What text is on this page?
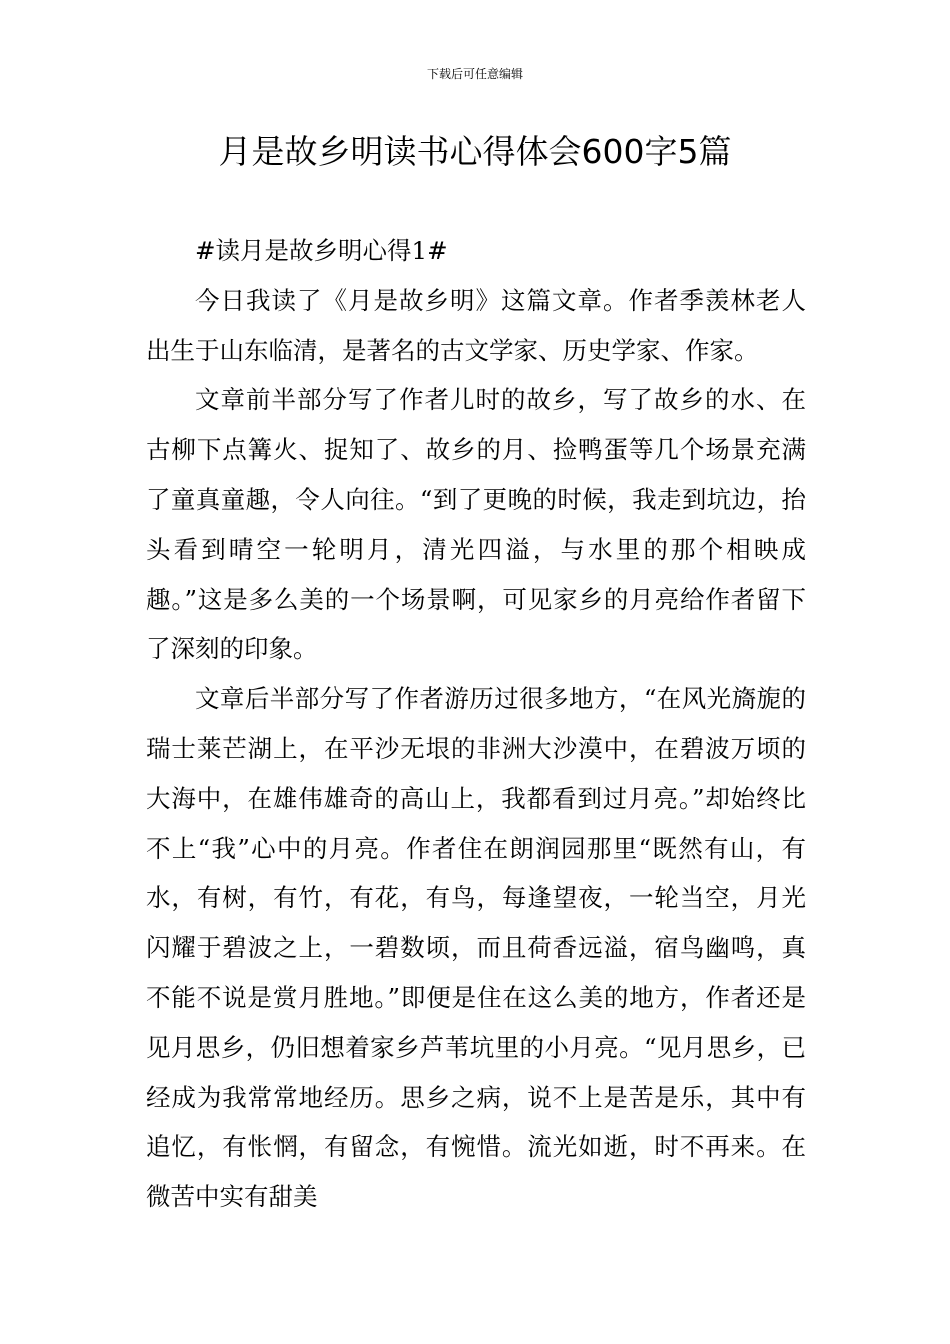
下载后可任意编辑
月是故乡明读书心得体会600字5篇

#读月是故乡明心得1#

今日我读了《月是故乡明》这篇文章。作者季羡林老人出生于山东临清，是著名的古文学家、历史学家、作家。

文章前半部分写了作者儿时的故乡，写了故乡的水、在古柳下点篝火、捉知了、故乡的月、捡鸭蛋等几个场景充满了童真童趣，令人向往。“到了更晚的时候，我走到坑边，抬头看到晴空一轮明月，清光四溢，与水里的那个相映成趣。”这是多么美的一个场景啊，可见家乡的月亮给作者留下了深刻的印象。

文章后半部分写了作者游历过很多地方，“在风光旖旎的瑞士莱芒湖上，在平沙无垠的非洲大沙漠中，在碧波万顷的大海中，在雄伟雄奇的高山上，我都看到过月亮。”却始终比不上“我”心中的月亮。作者住在朗润园那里“既然有山，有水，有树，有竹，有花，有鸟，每逢望夜，一轮当空，月光闪耀于碧波之上，一碧数顷，而且荷香远溢，宿鸟幽鸣，真不能不说是赏月胜地。”即便是住在这么美的地方，作者还是见月思乡，仍旧想着家乡芦苇坑里的小月亮。“见月思乡，已经成为我常常地经历。思乡之病，说不上是苦是乐，其中有追忆，有怅惘，有留念，有惋惜。流光如逝，时不再来。在微苦中实有甜美
